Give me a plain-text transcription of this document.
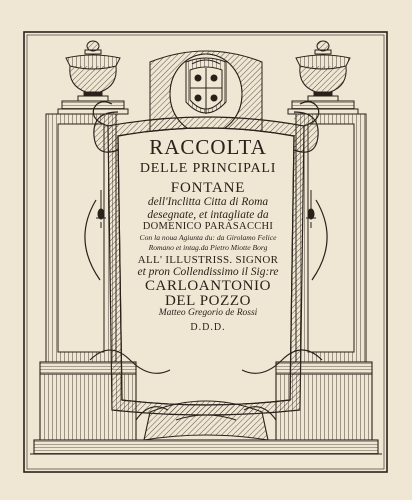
RACCOLTA
DELLE PRINCIPALI
FONTANE
dell'Inclitta Citta di Roma
desegnate, et intagliate da
DOMENICO PARASACCHI
Con la noua Agiunta du: da Girolamo Felice
Romano et intag.da Pietro Miotte Borg
ALL' ILLUSTRISS. SIGNOR
et pron Collendissimo il Sig:re
CARLOANTONIO
DEL POZZO
Matteo Gregorio de Rossi
D.D.D.
